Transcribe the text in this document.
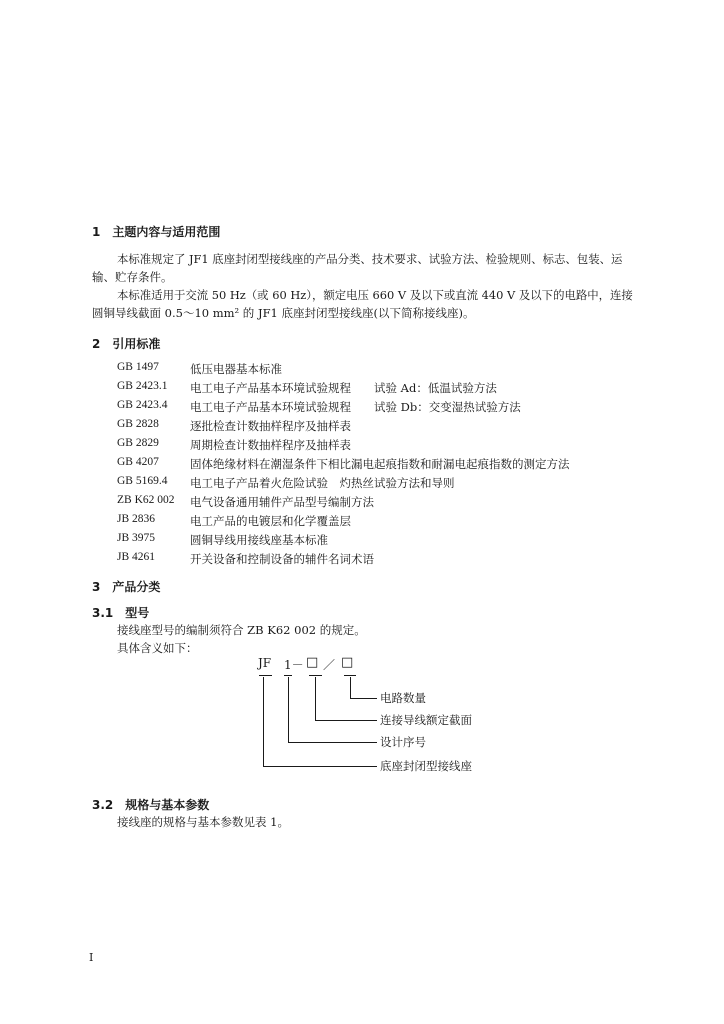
1　主题内容与适用范围
本标准规定了 JF1 底座封闭型接线座的产品分类、技术要求、试验方法、检验规则、标志、包装、运
输、贮存条件。
本标准适用于交流 50 Hz（或 60 Hz），额定电压 660 V 及以下或直流 440 V 及以下的电路中，连接
圆铜导线截面 0.5～10 mm² 的 JF1 底座封闭型接线座(以下简称接线座)。
2　引用标准
GB 1497	低压电器基本标准
GB 2423.1 电工电子产品基本环境试验规程　　试验 Ad：低温试验方法
GB 2423.4 电工电子产品基本环境试验规程　　试验 Db：交变湿热试验方法
GB 2828	逐批检查计数抽样程序及抽样表
GB 2829	周期检查计数抽样程序及抽样表
GB 4207	固体绝缘材料在潮湿条件下相比漏电起痕指数和耐漏电起痕指数的测定方法
GB 5169.4 电工电子产品着火危险试验　灼热丝试验方法和导则
ZB K62 002 电气设备通用辅件产品型号编制方法
JB 2836	电工产品的电镀层和化学覆盖层
JB 3975	圆铜导线用接线座基本标准
JB 4261	开关设备和控制设备的辅件名词术语
3　产品分类
3.1　型号
接线座型号的编制须符合 ZB K62 002 的规定。
具体含义如下：
JF 1－ □ ／ □
电路数量
连接导线额定截面
设计序号
底座封闭型接线座
3.2　规格与基本参数
接线座的规格与基本参数见表 1。
I
